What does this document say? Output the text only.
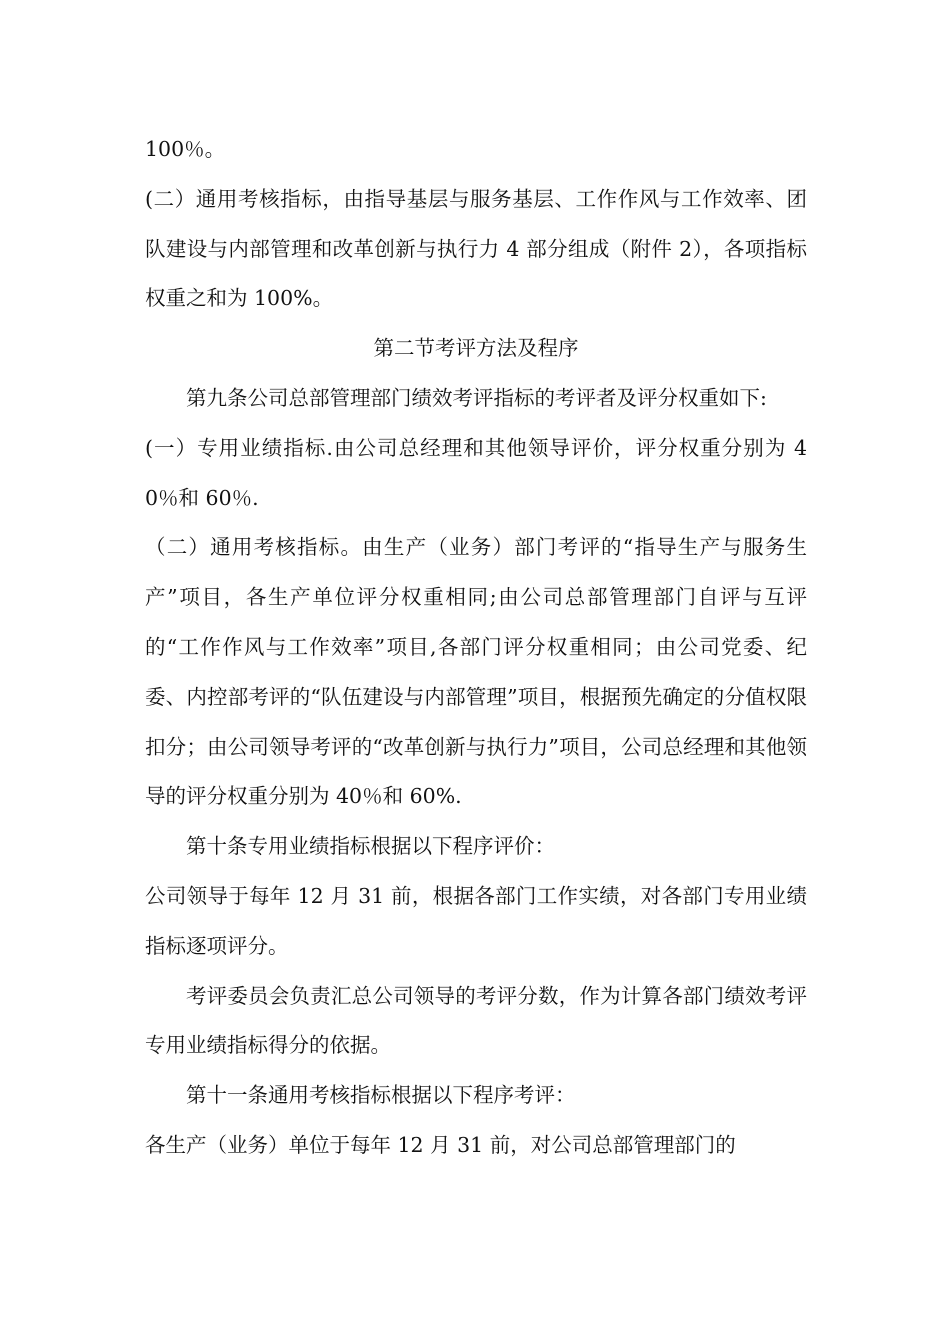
100％。

(二）通用考核指标，由指导基层与服务基层、工作作风与工作效率、团队建设与内部管理和改革创新与执行力 4 部分组成（附件 2），各项指标权重之和为 100%。

第二节考评方法及程序

第九条公司总部管理部门绩效考评指标的考评者及评分权重如下:

(一）专用业绩指标.由公司总经理和其他领导评价，评分权重分别为 40％和 60％.

（二）通用考核指标。由生产（业务）部门考评的“指导生产与服务生产”项目，各生产单位评分权重相同;由公司总部管理部门自评与互评的“工作作风与工作效率”项目,各部门评分权重相同；由公司党委、纪委、内控部考评的“队伍建设与内部管理”项目，根据预先确定的分值权限扣分；由公司领导考评的“改革创新与执行力”项目，公司总经理和其他领导的评分权重分别为 40％和 60%.

第十条专用业绩指标根据以下程序评价：

公司领导于每年 12 月 31 前，根据各部门工作实绩，对各部门专用业绩指标逐项评分。

考评委员会负责汇总公司领导的考评分数，作为计算各部门绩效考评专用业绩指标得分的依据。

第十一条通用考核指标根据以下程序考评：

各生产（业务）单位于每年 12 月 31 前，对公司总部管理部门的
